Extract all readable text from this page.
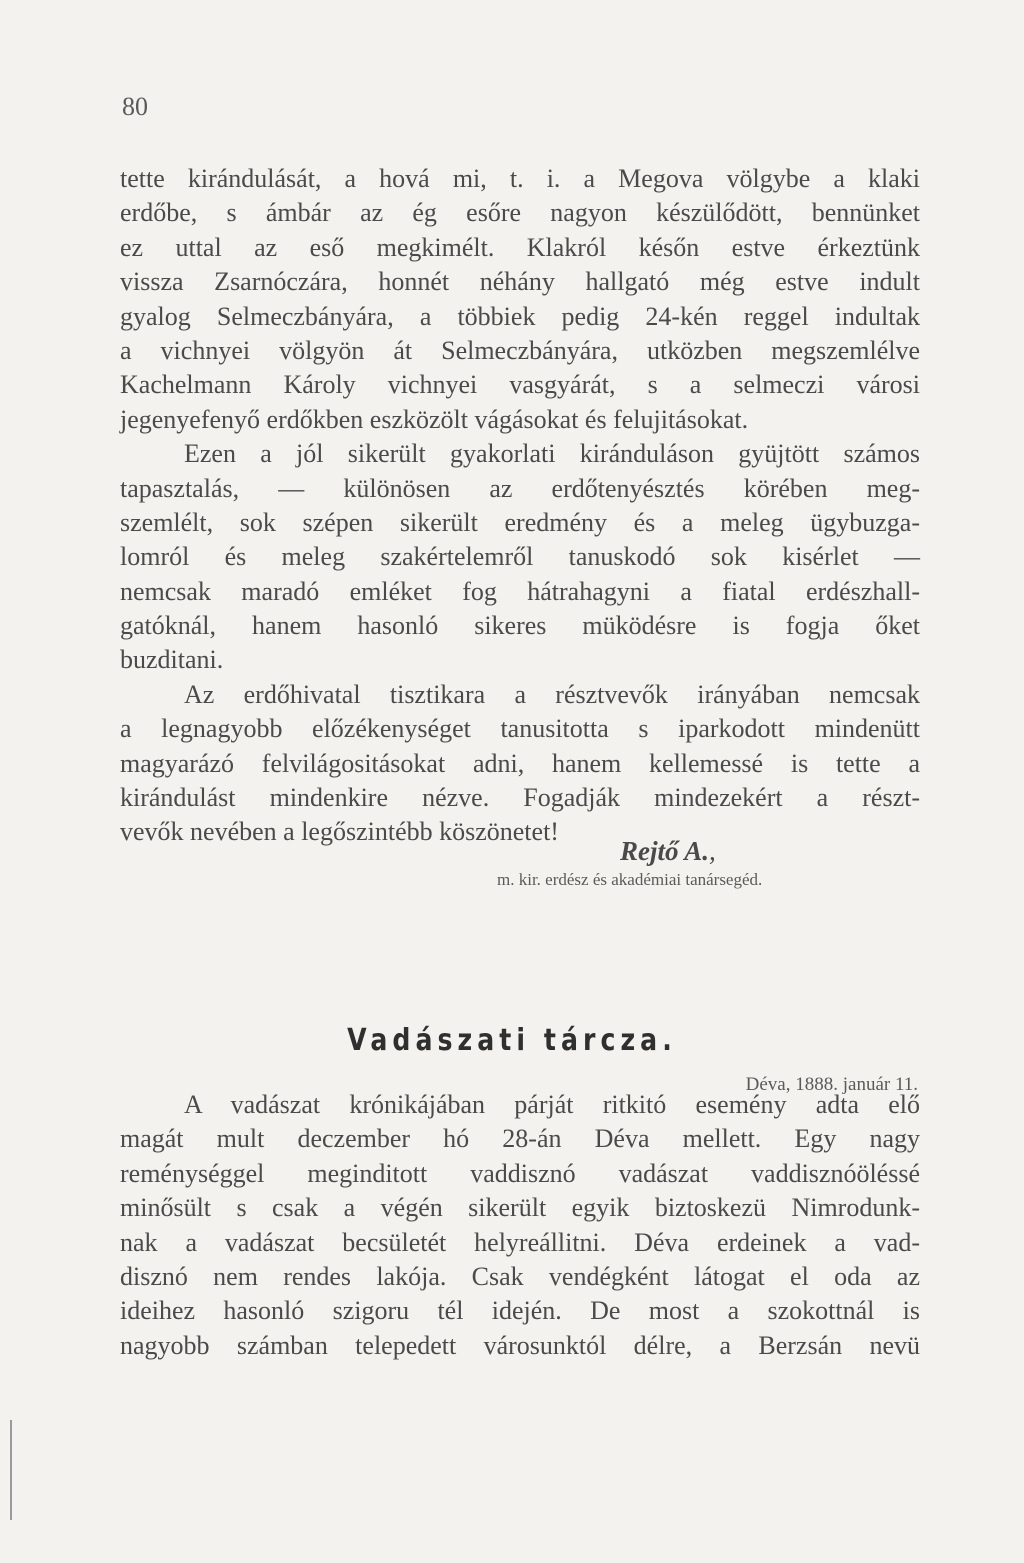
80
tette kirándulását, a hová mi, t. i. a Megova völgybe a klaki
erdőbe, s ámbár az ég esőre nagyon készülődött, bennünket
ez uttal az eső megkimélt. Klakról későn estve érkeztünk
vissza Zsarnóczára, honnét néhány hallgató még estve indult
gyalog Selmeczbányára, a többiek pedig 24-kén reggel indultak
a vichnyei völgyön át Selmeczbányára, utközben megszemlélve
Kachelmann Károly vichnyei vasgyárát, s a selmeczi városi
jegenyefenyő erdőkben eszközölt vágásokat és felujitásokat.
Ezen a jól sikerült gyakorlati kiránduláson gyüjtött számos
tapasztalás, — különösen az erdőtenyésztés körében meg-
szemlélt, sok szépen sikerült eredmény és a meleg ügybuzga-
lomról és meleg szakértelemről tanuskodó sok kisérlet —
nemcsak maradó emléket fog hátrahagyni a fiatal erdészhall-
gatóknál, hanem hasonló sikeres müködésre is fogja őket
buzditani.
Az erdőhivatal tisztikara a résztvevők irányában nemcsak
a legnagyobb előzékenységet tanusitotta s iparkodott mindenütt
magyarázó felvilágositásokat adni, hanem kellemessé is tette a
kirándulást mindenkire nézve. Fogadják mindezekért a részt-
vevők nevében a legőszintébb köszönetet!
Rejtő A.,
m. kir. erdész és akadémiai tanársegéd.
Vadászati tárcza.
Déva, 1888. január 11.
A vadászat krónikájában párját ritkitó esemény adta elő
magát mult deczember hó 28-án Déva mellett. Egy nagy
reménységgel meginditott vaddisznó vadászat vaddisznóöléssé
minősült s csak a végén sikerült egyik biztoskezü Nimrodunk-
nak a vadászat becsületét helyreállitni. Déva erdeinek a vad-
disznó nem rendes lakója. Csak vendégként látogat el oda az
ideihez hasonló szigoru tél idején. De most a szokottnál is
nagyobb számban telepedett városunktól délre, a Berzsán nevü
